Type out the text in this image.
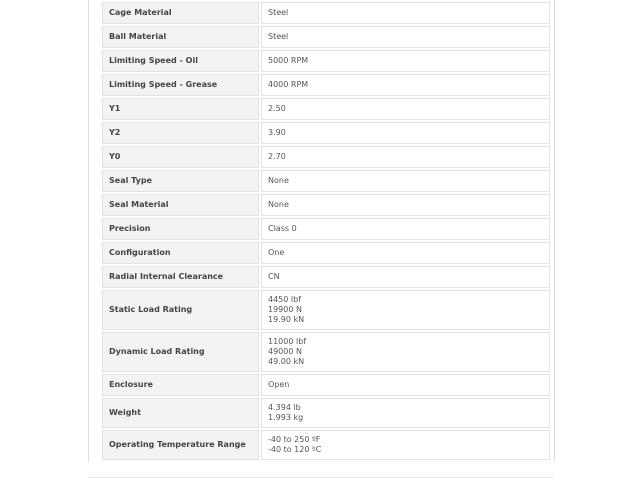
Cage Material	Steel

Ball Material	Steel

Limiting Speed - Oil	5000 RPM

Limiting Speed - Grease	4000 RPM

Y1	2.50

Y2	3.90

Y0	2.70

Seal Type	None

Seal Material	None

Precision	Class 0

Configuration	One

Radial Internal Clearance	CN

Static Load Rating	4450 lbf
19900 N
19.90 kN

Dynamic Load Rating	11000 lbf
49000 N
49.00 kN

Enclosure	Open

Weight	4.394 lb
1.993 kg

Operating Temperature Range	-40 to 250 ºF
-40 to 120 ºC
